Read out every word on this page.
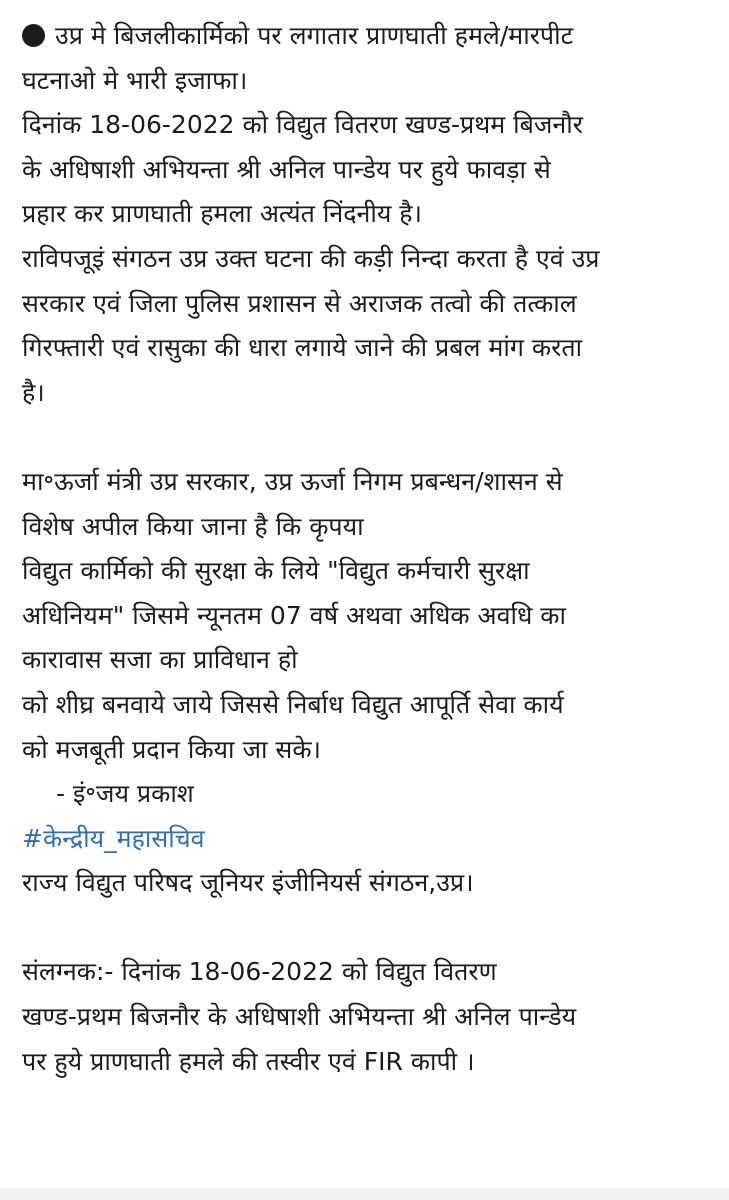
उप्र मे बिजलीकार्मिको पर लगातार प्राणघाती हमले/मारपीट
घटनाओ मे भारी इजाफा।
दिनांक 18-06-2022 को विद्युत वितरण खण्ड-प्रथम बिजनौर
के अधिषाशी अभियन्ता श्री अनिल पान्डेय पर हुये फावड़ा से
प्रहार कर प्राणघाती हमला अत्यंत निंदनीय है।
राविपजूइं संगठन उप्र उक्त घटना की कड़ी निन्दा करता है एवं उप्र
सरकार एवं जिला पुलिस प्रशासन से अराजक तत्वो की तत्काल
गिरफ्तारी एवं रासुका की धारा लगाये जाने की प्रबल मांग करता
है।
मा॰ऊर्जा मंत्री उप्र सरकार, उप्र ऊर्जा निगम प्रबन्धन/शासन से
विशेष अपील किया जाना है कि कृपया
विद्युत कार्मिको की सुरक्षा के लिये "विद्युत कर्मचारी सुरक्षा
अधिनियम" जिसमे न्यूनतम 07 वर्ष अथवा अधिक अवधि का
कारावास सजा का प्राविधान हो
को शीघ्र बनवाये जाये जिससे निर्बाध विद्युत आपूर्ति सेवा कार्य
को मजबूती प्रदान किया जा सके।
- इं॰जय प्रकाश
#केन्द्रीय_महासचिव
राज्य विद्युत परिषद जूनियर इंजीनियर्स संगठन,उप्र।
संलग्नक:- दिनांक 18-06-2022 को विद्युत वितरण
खण्ड-प्रथम बिजनौर के अधिषाशी अभियन्ता श्री अनिल पान्डेय
पर हुये प्राणघाती हमले की तस्वीर एवं FIR कापी ।
